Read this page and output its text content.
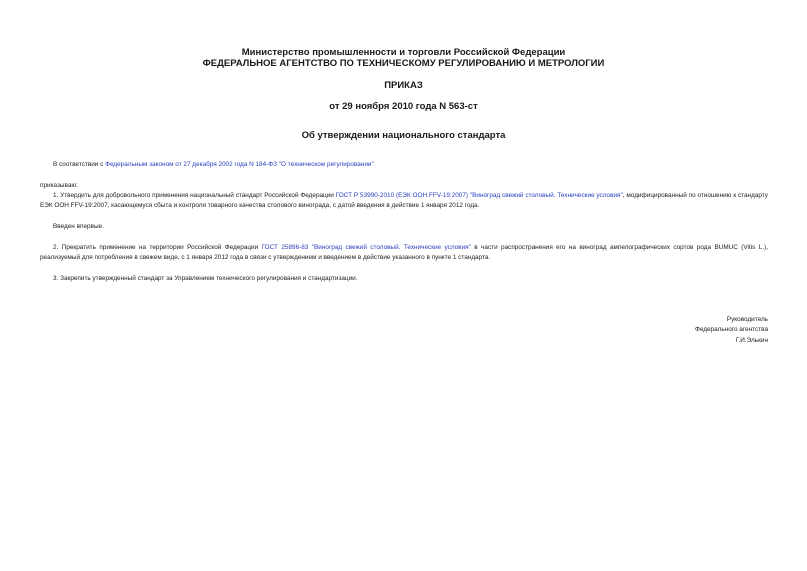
Министерство промышленности и торговли Российской Федерации
ФЕДЕРАЛЬНОЕ АГЕНТСТВО ПО ТЕХНИЧЕСКОМУ РЕГУЛИРОВАНИЮ И МЕТРОЛОГИИ
ПРИКАЗ
от 29 ноября 2010 года N 563-ст
Об утверждении национального стандарта
В соответствии с Федеральным законом от 27 декабря 2002 года N 184-ФЗ "О техническом регулировании"
приказываю:
1. Утвердить для добровольного применения национальный стандарт Российской Федерации ГОСТ Р 53990-2010 (ЕЭК ООН FFV-19:2007) "Виноград свежий столовый. Технические условия", модифицированный по отношению к стандарту ЕЭК ООН FFV-19:2007, касающемуся сбыта и контроля товарного качества столового винограда, с датой введения в действие 1 января 2012 года.
Введен впервые.
2. Прекратить применение на территории Российской Федерации ГОСТ 25896-83 "Виноград свежий столовый. Технические условия" в части распространения его на виноград ампелографических сортов рода BUMUC (Vitis L.), реализуемый для потребления в свежем виде, с 1 января 2012 года в связи с утверждением и введением в действие указанного в пункте 1 стандарта.
3. Закрепить утвержденный стандарт за Управлением технического регулирования и стандартизации.
Руководитель
Федерального агентства
Г.И.Элькин
